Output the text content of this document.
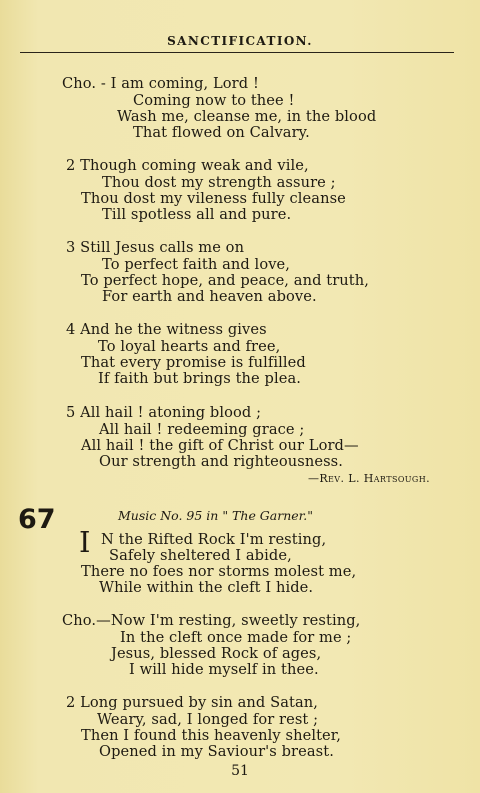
SANCTIFICATION.
Cho. - I am coming, Lord !
Coming now to thee !
Wash me, cleanse me, in the blood
That flowed on Calvary.
2 Though coming weak and vile,
Thou dost my strength assure ;
Thou dost my vileness fully cleanse
Till spotless all and pure.
3 Still Jesus calls me on
To perfect faith and love,
To perfect hope, and peace, and truth,
For earth and heaven above.
4 And he the witness gives
To loyal hearts and free,
That every promise is fulfilled
If faith but brings the plea.
5 All hail ! atoning blood ;
All hail ! redeeming grace ;
All hail ! the gift of Christ our Lord—
Our strength and righteousness.
—Rev. L. Hartsough.
67	Music No. 95 in " The Garner."
I N the Rifted Rock I'm resting,
Safely sheltered I abide,
There no foes nor storms molest me,
While within the cleft I hide.
Cho.—Now I'm resting, sweetly resting,
In the cleft once made for me ;
Jesus, blessed Rock of ages,
I will hide myself in thee.
2 Long pursued by sin and Satan,
Weary, sad, I longed for rest ;
Then I found this heavenly shelter,
Opened in my Saviour's breast.
51
